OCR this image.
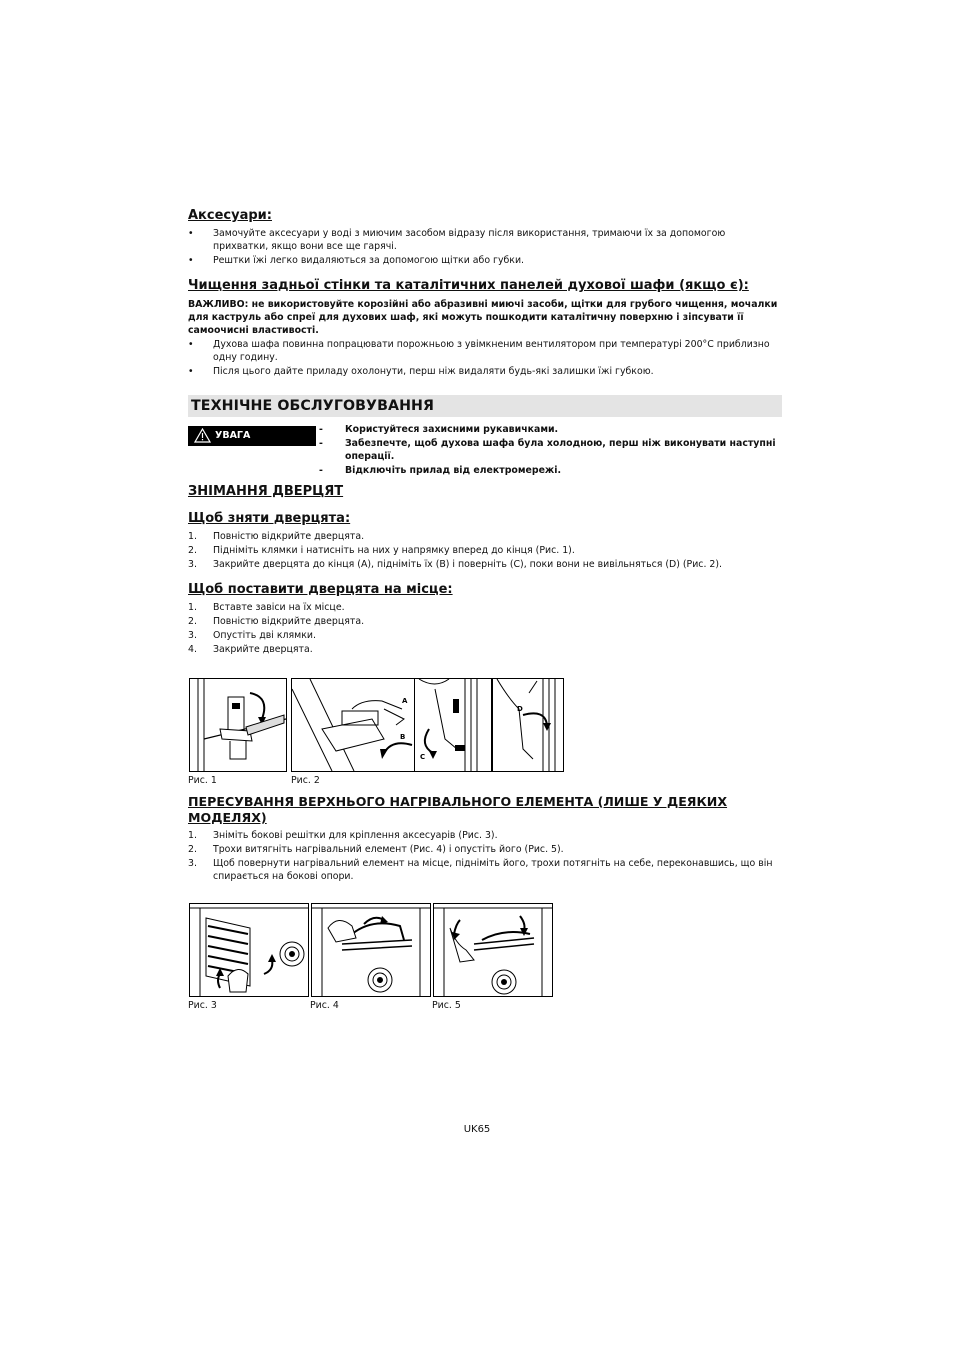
Аксесуари:
• Замочуйте аксесуари у воді з миючим засобом відразу після використання, тримаючи їх за допомогою прихватки, якщо вони все ще гарячі.
• Рештки їжі легко видаляються за допомогою щітки або губки.
Чищення задньої стінки та каталітичних панелей духової шафи (якщо є):

ВАЖЛИВО: не використовуйте корозійні або абразивні миючі засоби, щітки для грубого чищення, мочалки для каструль або спреї для духових шаф, які можуть пошкодити каталітичну поверхню і зіпсувати її самоочисні властивості.

• Духова шафа повинна попрацювати порожньою з увімкненим вентилятором при температурі 200°С приблизно одну годину.
• Після цього дайте приладу охолонути, перш ніж видаляти будь-які залишки їжі губкою.
ТЕХНІЧНЕ ОБСЛУГОВУВАННЯ
УВАГА
- Користуйтеся захисними рукавичками.
- Забезпечте, щоб духова шафа була холодною, перш ніж виконувати наступні операції.
- Відключіть прилад від електромережі.
ЗНІМАННЯ ДВЕРЦЯТ
Щоб зняти дверцята:
1. Повністю відкрийте дверцята.
2. Підніміть клямки і натисніть на них у напрямку вперед до кінця (Рис. 1).
3. Закрийте дверцята до кінця (A), підніміть їх (B) і поверніть (C), поки вони не вивільняться (D) (Рис. 2).
Щоб поставити дверцята на місце:
1. Вставте завіси на їх місце.
2. Повністю відкрийте дверцята.
3. Опустіть дві клямки.
4. Закрийте дверцята.
A
B
C
D
Рис. 1	Рис. 2
ПЕРЕСУВАННЯ ВЕРХНЬОГО НАГРІВАЛЬНОГО ЕЛЕМЕНТА (ЛИШЕ У ДЕЯКИХ МОДЕЛЯХ)
1. Зніміть бокові решітки для кріплення аксесуарів (Рис. 3).
2. Трохи витягніть нагрівальний елемент (Рис. 4) і опустіть його (Рис. 5).
3. Щоб повернути нагрівальний елемент на місце, підніміть його, трохи потягніть на себе, переконавшись, що він спирається на бокові опори.
Рис. 3	Рис. 4	Рис. 5
UK65
